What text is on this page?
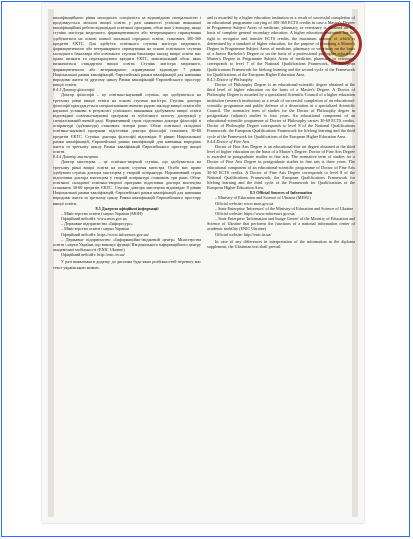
кваліфікаційного рівня молодшого спеціаліста за відповідною спеціальністю і продовжується загалом вищої освіти у разі наявності успішно виконаної кваліфікаційної роботи відповідної освітньої програми, обсяг якої у випадку, якщо ступінь магістра медичного, фармацевтичного або ветеринарного спрямування здобувається на основі повної загальної середньої освіти, становить 300-360 кредитів ЄКТС. Для здобуття освітнього ступеня магістра медичного, фармацевтичного або ветеринарного спрямування на основі освітнього ступеня молодшого бакалавра або освітнього ступеня бакалавра заклад вищої освіти має право визнати та перезарахувати кредити ЄКТС, максимальний обсяг яких визначається стандартом вищої освіти. Ступінь магістра медичного, фармацевтичного або ветеринарного спрямування відповідає 7 рівню Національної рамки кваліфікацій, Європейської рамки кваліфікацій для навчання впродовж життя та другому циклу Рамки кваліфікацій Європейського простору вищої освіти.

8.4.3 Доктор філософії

Доктор філософії – це освітньо-науковий ступінь, що здобувається на третьому рівні вищої освіти на основі ступеня магістра. Ступінь доктора філософії присуджується спеціалізованою вченою радою закладу вищої освіти або наукової установи в результаті успішного виконання здобувачем вищої освіти відповідної освітньо-наукової програми та публічного захисту дисертації у спеціалізованій вченій раді. Нормативний строк підготовки доктора філософії в аспірантурі (ад'юнктурі) становить чотири роки. Обсяг освітньої складової освітньо-наукової програми підготовки доктора філософії становить 30-60 кредитів ЄКТС. Ступінь доктора філософії відповідає 8 рівню Національної рамки кваліфікацій, Європейської рамки кваліфікацій для навчання впродовж життя та третьому циклу Рамки кваліфікацій Європейського простору вищої освіти.

8.4.4 Доктор мистецтва

Доктор мистецтва – це освітньо-творчий ступінь, що здобувається на третьому рівні вищої освіти на основі ступеня магістра. Особа має право здобувати ступінь доктора мистецтва у творчій аспірантурі. Нормативний строк підготовки доктора мистецтва у творчій аспірантурі становить три роки. Обсяг освітньої складової освітньо-творчої програми підготовки доктора мистецтва становить 30-60 кредитів ЄКТС. Ступінь доктора мистецтва відповідає 8 рівню Національної рамки кваліфікацій, Європейської рамки кваліфікацій для навчання впродовж життя та третьому циклу Рамки кваліфікацій Європейського простору вищої освіти.

8.5 Джерела офіційної інформації

– Міністерство освіти і науки України (МОН)

Офіційний вебсайт: www.mon.gov.ua

– Державне підприємство «Інфоресурс»

– Міністерство освіти і науки України

Офіційний вебсайт: https://www.inforesurs.gov.ua/

– Державне підприємство «Інформаційно-іміджевий центр» Міністерства освіти і науки України, що виконує функції Національного інформаційного центру академічної мобільності (ENIC Ukraine)

Офіційний вебсайт: http://enic.in.ua/

У разі виявлення в додатку до диплома будь-яких розбіжностей перевагу має текст українською мовою.

and is awarded by a higher education institution as a result of successful completion of an educational programme carrying of 300-360 ECTS credits in case a Master's Degree in Programme Subject Areas of medicine, pharmacy or veterinary is obtained on the basis of complete general secondary education. A higher education institution has the right to recognise and transfer ECTS credits, the maximum amount of which is determined by a standard of higher education, for the purpose of obtaining a Master's Degree in Programme Subject Areas of medicine, pharmacy or veterinary on the basis of a Junior Bachelor's Degree or on the basis of a professional pre-higher education. Master's Degree in Programme Subject Areas of medicine, pharmacy or veterinary corresponds to level 7 of the National Qualifications Framework, the European Qualifications Framework for lifelong learning and the second cycle of the Framework for Qualifications of the European Higher Education Area.

8.4.3 Doctor of Philosophy

Doctor of Philosophy Degree is an educational-scientific degree obtained at the third level of higher education on the basis of a Master's Degree. A Doctor of Philosophy Degree is awarded by a specialized Scientific Council of a higher education institution (research institution) as a result of successful completion of an educational-scientific programme and public defence of a dissertation at a specialized Scientific Council. The normative term of studies for the Doctor of Philosophy degree in postgraduate (adjunct) studies is four years. An educational component of an educational-scientific programme of Doctor of Philosophy carries 30-60 ECTS credits. Doctor of Philosophy Degree corresponds to level 8 of the National Qualifications Framework, the European Qualifications Framework for lifelong learning and the third cycle of the Framework for Qualifications of the European Higher Education Area.

8.4.4 Doctor of Fine Arts

Doctor of Fine Arts Degree is an educational-fine art degree obtained at the third level of higher education on the basis of a Master's Degree. Doctor of Fine Arts Degree is awarded in postgraduate studies in fine arts. The normative term of studies for a Doctor of Fine Arts Degree in postgraduate studies in fine arts is three years. The educational component of an educational-scientific programme of Doctor of Fine Arts 30-60 ECTS credits. A Doctor of Fine Arts Degree corresponds to level 8 of the National Qualifications Framework, the European Qualifications Framework for lifelong learning and the third cycle of the Framework for Qualifications of the European Higher Education Area.

8.5 Official Sources of Information

– Ministry of Education and Science of Ukraine (MESU)

Official website: www.mon.gov.ua

– State Enterprise 'Inforesurs' of the Ministry of Education and Science of Ukraine

Official website: https://www.inforesurs.gov.ua/

– State Enterprise 'Information and Image Centre' of the Ministry of Education and Science of Ukraine that performs the functions of a national information center of academic mobility (ENIC Ukraine)

Official website: http://enic.in.ua/

In case of any differences in interpretation of the information in the diploma supplement, the Ukrainian text shall prevail.
